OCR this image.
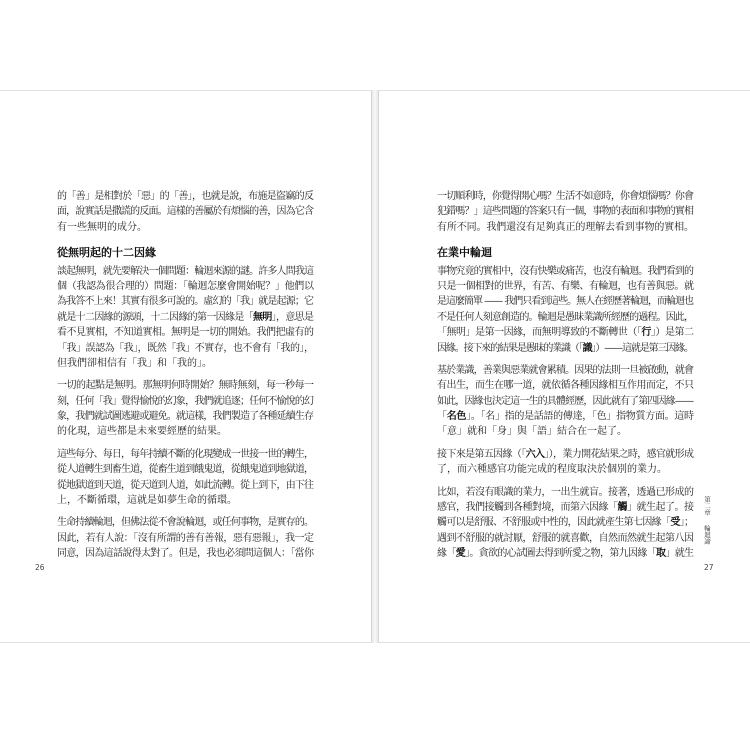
的「善」是相對於「惡」的「善」，也就是說，布施是盜竊的反
面，說實話是撒謊的反面。這樣的善屬於有煩惱的善，因為它含
有一些無明的成分。
從無明起的十二因緣
談起無明，就先要解決一個問題：輪迴來源的謎。許多人問我這
個（我認為很合理的）問題：「輪迴怎麼會開始呢？」他們以
為我答不上來！其實有很多可說的。虛幻的「我」就是起源；它
就是十二因緣的源頭，十二因緣的第一因緣是「無明」，意思是
看不見實相，不知道實相。無明是一切的開始。我們把虛有的
「我」誤認為「我」，既然「我」不實存，也不會有「我的」，
但我們卻相信有「我」和「我的」。
一切的起點是無明。那無明何時開始？無時無刻，每一秒每一
刻，任何「我」覺得愉悅的幻象，我們就追逐；任何不愉悅的幻
象，我們就試圖逃避或避免。就這樣，我們製造了各種延續生存
的化現，這些都是未來要經歷的結果。
這些每分、每日，每年持續不斷的化現變成一世接一世的轉生，
從人道轉生到畜生道，從畜生道到餓鬼道，從餓鬼道到地獄道，
從地獄道到天道，從天道到人道，如此流轉。從上到下，由下往
上，不斷循環，這就是如夢生命的循環。
生命持續輪迴，但佛法從不會說輪迴，或任何事物，是實存的。
因此，若有人說：「沒有所謂的善有善報，惡有惡報」，我一定
同意，因為這話說得太對了。但是，我也必須問這個人：「當你
一切順利時，你覺得開心嗎？生活不如意時，你會煩惱嗎？你會
犯錯嗎？」這些問題的答案只有一個，事物的表面和事物的實相
有所不同。我們還沒有足夠真正的理解去看到事物的實相。
在業中輪迴
事物究竟的實相中，沒有快樂或痛苦，也沒有輪迴。我們看到的
只是一個相對的世界，有苦、有樂、有輪迴，也有善與惡。就
是這麼簡單 —— 我們只看到這些。無人在經歷著輪迴，而輪迴也
不是任何人刻意創造的。輪迴是愚昧業識所經歷的過程。因此，
「無明」是第一因緣，而無明導致的不斷轉世（「行」）是第二
因緣。接下來的結果是愚昧的業識（「識」）——這就是第三因緣。
基於業識，善業與惡業就會累積。因果的法則一旦被啟動，就會
有出生，而生在哪一道，就依循各種因緣相互作用而定，不只
如此，因緣也決定這一生的具體經歷，因此就有了第四因緣——
「名色」。「名」指的是話語的傳達，「色」指物質方面。這時
「意」就和「身」與「語」結合在一起了。
接下來是第五因緣（「六入」），業力開花結果之時，感官就形成
了，而六種感官功能完成的程度取決於個別的業力。
比如，若沒有眼識的業力，一出生就盲。接著，透過已形成的
感官，我們接觸到各種對境，而第六因緣「觸」就生起了。接
觸可以是舒服、不舒服或中性的，因此就產生第七因緣「受」；
遇到不舒服的就討厭，舒服的就喜歡，自然而然就生起第八因
緣「愛」。貪欲的心試圖去得到所愛之物，第九因緣「取」就生
26	27
第二章 輪迴諦
